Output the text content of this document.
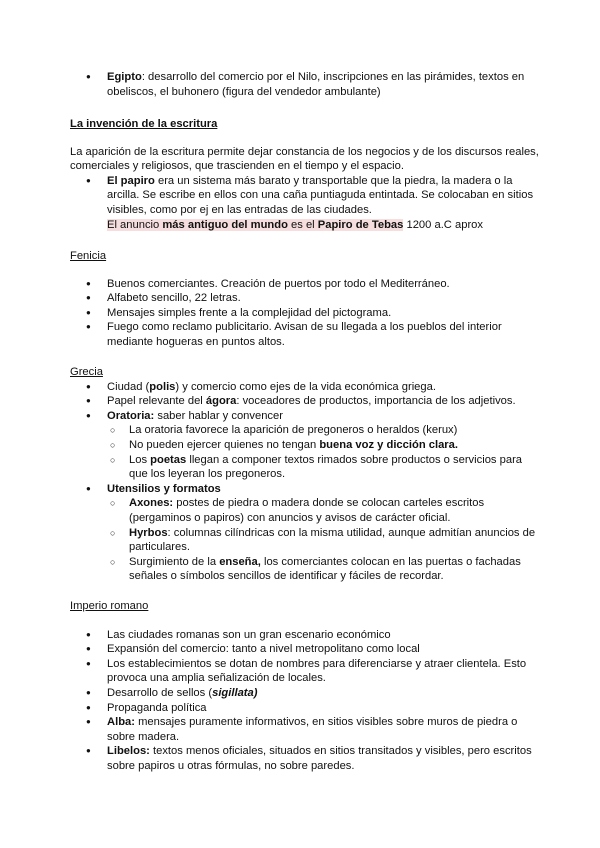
● Egipto: desarrollo del comercio por el Nilo, inscripciones en las pirámides, textos en obeliscos, el buhonero (figura del vendedor ambulante)

La invención de la escritura

La aparición de la escritura permite dejar constancia de los negocios y de los discursos reales, comerciales y religiosos, que trascienden en el tiempo y el espacio.

● El papiro era un sistema más barato y transportable que la piedra, la madera o la arcilla. Se escribe en ellos con una caña puntiaguda entintada. Se colocaban en sitios visibles, como por ej en las entradas de las ciudades.
El anuncio más antiguo del mundo es el Papiro de Tebas 1200 a.C aprox

Fenicia

● Buenos comerciantes. Creación de puertos por todo el Mediterráneo.
● Alfabeto sencillo, 22 letras.
● Mensajes simples frente a la complejidad del pictograma.
● Fuego como reclamo publicitario. Avisan de su llegada a los pueblos del interior mediante hogueras en puntos altos.

Grecia

● Ciudad (polis) y comercio como ejes de la vida económica griega.
● Papel relevante del ágora: voceadores de productos, importancia de los adjetivos.
● Oratoria: saber hablar y convencer
○ La oratoria favorece la aparición de pregoneros o heraldos (kerux)
○ No pueden ejercer quienes no tengan buena voz y dicción clara.
○ Los poetas llegan a componer textos rimados sobre productos o servicios para que los leyeran los pregoneros.
● Utensilios y formatos
○ Axones: postes de piedra o madera donde se colocan carteles escritos (pergaminos o papiros) con anuncios y avisos de carácter oficial.
○ Hyrbos: columnas cilíndricas con la misma utilidad, aunque admitían anuncios de particulares.
○ Surgimiento de la enseña, los comerciantes colocan en las puertas o fachadas señales o símbolos sencillos de identificar y fáciles de recordar.

Imperio romano

● Las ciudades romanas son un gran escenario económico
● Expansión del comercio: tanto a nivel metropolitano como local
● Los establecimientos se dotan de nombres para diferenciarse y atraer clientela. Esto provoca una amplia señalización de locales.
● Desarrollo de sellos (sigillata)
● Propaganda política
● Alba: mensajes puramente informativos, en sitios visibles sobre muros de piedra o sobre madera.
● Libelos: textos menos oficiales, situados en sitios transitados y visibles, pero escritos sobre papiros u otras fórmulas, no sobre paredes.
